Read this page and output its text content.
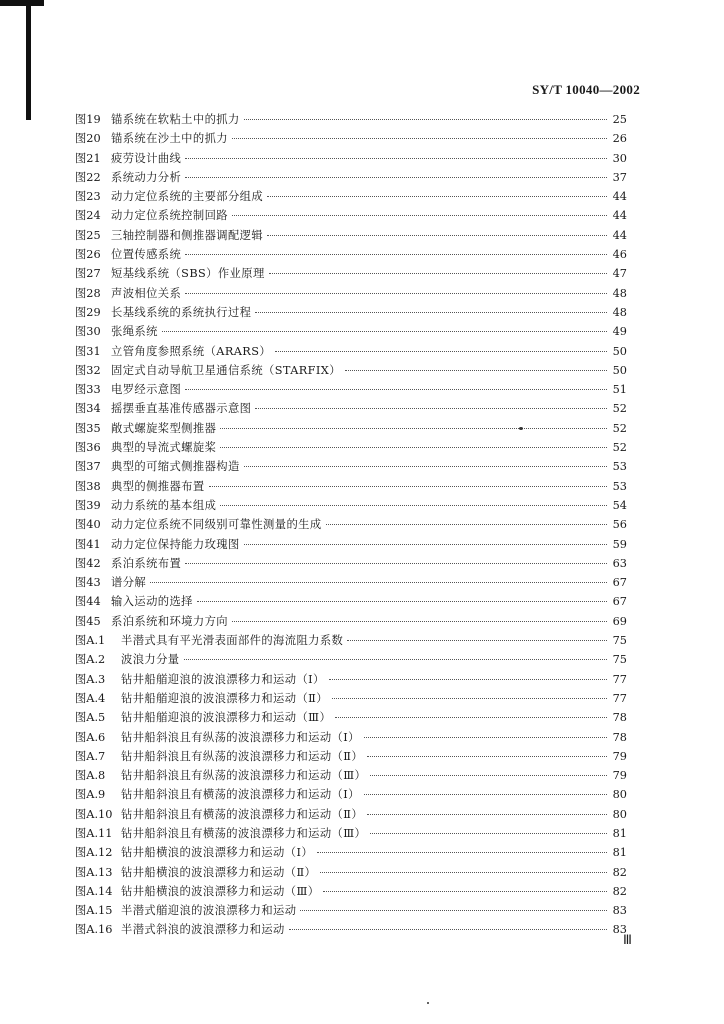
SY/T 10040—2002
图19 锚系统在软粘土中的抓力	25
图20 锚系统在沙土中的抓力	26
图21 疲劳设计曲线	30
图22 系统动力分析	37
图23 动力定位系统的主要部分组成	44
图24 动力定位系统控制回路	44
图25 三轴控制器和侧推器调配逻辑	44
图26 位置传感系统	46
图27 短基线系统（SBS）作业原理	47
图28 声波相位关系	48
图29 长基线系统的系统执行过程	48
图30 张绳系统	49
图31 立管角度参照系统（ARARS）	50
图32 固定式自动导航卫星通信系统（STARFIX）	50
图33 电罗经示意图	51
图34 摇摆垂直基准传感器示意图	52
图35 敞式螺旋桨型侧推器	52
图36 典型的导流式螺旋桨	52
图37 典型的可缩式侧推器构造	53
图38 典型的侧推器布置	53
图39 动力系统的基本组成	54
图40 动力定位系统不同级别可靠性测量的生成	56
图41 动力定位保持能力玫瑰图	59
图42 系泊系统布置	63
图43 谱分解	67
图44 输入运动的选择	67
图45 系泊系统和环境力方向	69
图A.1	半潜式具有平光滑表面部件的海流阻力系数	75
图A.2	波浪力分量	75
图A.3	钻井船艏迎浪的波浪漂移力和运动（Ⅰ）	77
图A.4	钻井船艏迎浪的波浪漂移力和运动（Ⅱ）	77
图A.5	钻井船艏迎浪的波浪漂移力和运动（Ⅲ）	78
图A.6	钻井船斜浪且有纵荡的波浪漂移力和运动（Ⅰ）	78
图A.7	钻井船斜浪且有纵荡的波浪漂移力和运动（Ⅱ）	79
图A.8	钻井船斜浪且有纵荡的波浪漂移力和运动（Ⅲ）	79
图A.9	钻井船斜浪且有横荡的波浪漂移力和运动（Ⅰ）	80
图A.10 钻井船斜浪且有横荡的波浪漂移力和运动（Ⅱ）	80
图A.11 钻井船斜浪且有横荡的波浪漂移力和运动（Ⅲ）	81
图A.12 钻井船横浪的波浪漂移力和运动（Ⅰ）	81
图A.13 钻井船横浪的波浪漂移力和运动（Ⅱ）	82
图A.14 钻井船横浪的波浪漂移力和运动（Ⅲ）	82
图A.15 半潜式艏迎浪的波浪漂移力和运动	83
图A.16 半潜式斜浪的波浪漂移力和运动	83
Ⅲ
